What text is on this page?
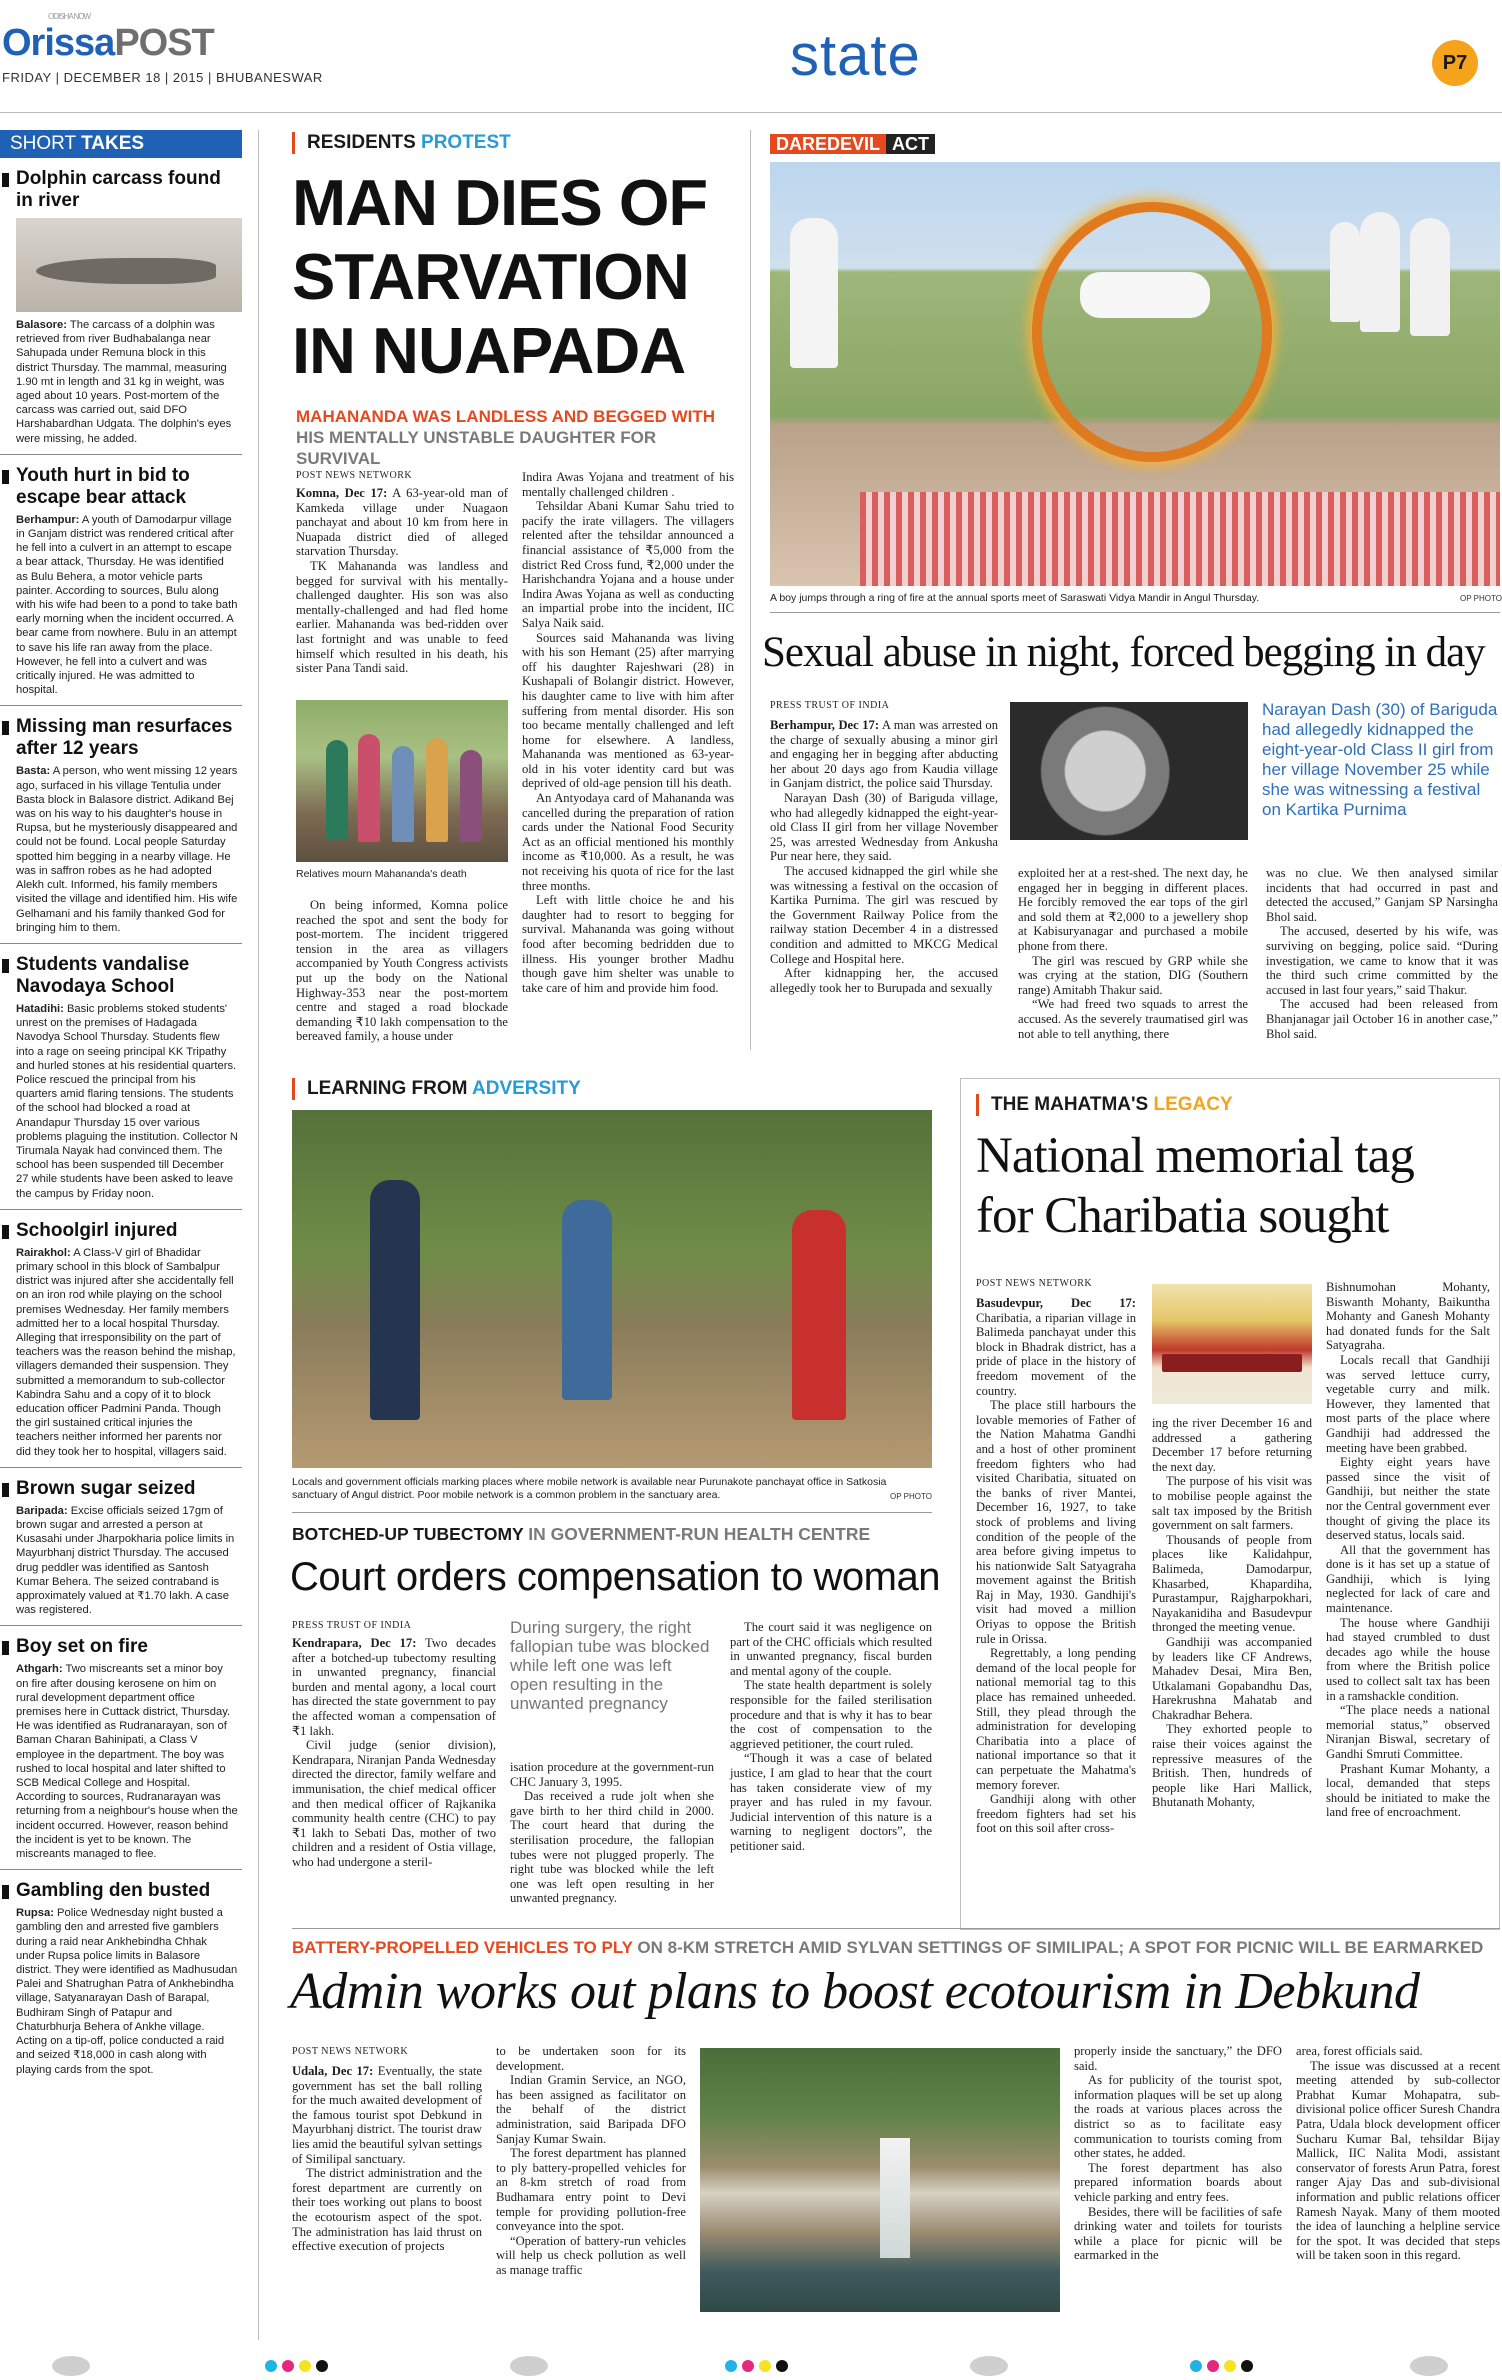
ODISHA NOW
OrissaPOST
FRIDAY | DECEMBER 18 | 2015 | BHUBANESWAR	state	P7
SHORT TAKES
Dolphin carcass found in river
Balasore: The carcass of a dolphin was retrieved from river Budhabalanga near Sahupada under Remuna block in this district Thursday. The mammal, measuring 1.90 mt in length and 31 kg in weight, was aged about 10 years. Post-mortem of the carcass was carried out, said DFO Harshabardhan Udgata. The dolphin's eyes were missing, he added.
Youth hurt in bid to escape bear attack
Berhampur: A youth of Damodarpur village in Ganjam district was rendered critical after he fell into a culvert in an attempt to escape a bear attack, Thursday. He was identified as Bulu Behera, a motor vehicle parts painter. According to sources, Bulu along with his wife had been to a pond to take bath early morning when the incident occurred. A bear came from nowhere. Bulu in an attempt to save his life ran away from the place. However, he fell into a culvert and was critically injured. He was admitted to hospital.
Missing man resurfaces after 12 years
Basta: A person, who went missing 12 years ago, surfaced in his village Tentulia under Basta block in Balasore district. Adikand Bej was on his way to his daughter's house in Rupsa, but he mysteriously disappeared and could not be found. Local people Saturday spotted him begging in a nearby village. He was in saffron robes as he had adopted Alekh cult. Informed, his family members visited the village and identified him. His wife Gelhamani and his family thanked God for bringing him to them.
Students vandalise Navodaya School
Hatadihi: Basic problems stoked students' unrest on the premises of Hadagada Navodya School Thursday. Students flew into a rage on seeing principal KK Tripathy and hurled stones at his residential quarters. Police rescued the principal from his quarters amid flaring tensions. The students of the school had blocked a road at Anandapur Thursday 15 over various problems plaguing the institution. Collector N Tirumala Nayak had convinced them. The school has been suspended till December 27 while students have been asked to leave the campus by Friday noon.
Schoolgirl injured
Rairakhol: A Class-V girl of Bhadidar primary school in this block of Sambalpur district was injured after she accidentally fell on an iron rod while playing on the school premises Wednesday. Her family members admitted her to a local hospital Thursday. Alleging that irresponsibility on the part of teachers was the reason behind the mishap, villagers demanded their suspension. They submitted a memorandum to sub-collector Kabindra Sahu and a copy of it to block education officer Padmini Panda. Though the girl sustained critical injuries the teachers neither informed her parents nor did they took her to hospital, villagers said.
Brown sugar seized
Baripada: Excise officials seized 17gm of brown sugar and arrested a person at Kusasahi under Jharpokharia police limits in Mayurbhanj district Thursday. The accused drug peddler was identified as Santosh Kumar Behera. The seized contraband is approximately valued at ₹1.70 lakh. A case was registered.
Boy set on fire
Athgarh: Two miscreants set a minor boy on fire after dousing kerosene on him on rural development department office premises here in Cuttack district, Thursday. He was identified as Rudranarayan, son of Baman Charan Bahinipati, a Class V employee in the department. The boy was rushed to local hospital and later shifted to SCB Medical College and Hospital. According to sources, Rudranarayan was returning from a neighbour's house when the incident occurred. However, reason behind the incident is yet to be known. The miscreants managed to flee.
Gambling den busted
Rupsa: Police Wednesday night busted a gambling den and arrested five gamblers during a raid near Ankhebindha Chhak under Rupsa police limits in Balasore district. They were identified as Madhusudan Palei and Shatrughan Patra of Ankhebindha village, Satyanarayan Dash of Barapal, Budhiram Singh of Patapur and Chaturbhurja Behera of Ankhe village. Acting on a tip-off, police conducted a raid and seized ₹18,000 in cash along with playing cards from the spot.
RESIDENTS PROTEST
MAN DIES OF
STARVATION
IN NUAPADA
MAHANANDA WAS LANDLESS AND BEGGED WITH
HIS MENTALLY UNSTABLE DAUGHTER FOR SURVIVAL
POST NEWS NETWORK

Komna, Dec 17: A 63-year-old man of Kamkeda village under Nuagaon panchayat and about 10 km from here in Nuapada district died of alleged starvation Thursday.

TK Mahananda was landless and begged for survival with his mentally-challenged daughter. His son was also mentally-challenged and had fled home earlier. Mahananda was bed-ridden over last fortnight and was unable to feed himself which resulted in his death, his sister Pana Tandi said.

Relatives mourn Mahananda's death

On being informed, Komna police reached the spot and sent the body for post-mortem. The incident triggered tension in the area as villagers accompanied by Youth Congress activists put up the body on the National Highway-353 near the post-mortem centre and staged a road blockade demanding ₹10 lakh compensation to the bereaved family, a house under

Indira Awas Yojana and treatment of his mentally challenged children .

Tehsildar Abani Kumar Sahu tried to pacify the irate villagers. The villagers relented after the tehsildar announced a financial assistance of ₹5,000 from the district Red Cross fund, ₹2,000 under the Harishchandra Yojana and a house under Indira Awas Yojana as well as conducting an impartial probe into the incident, IIC Salya Naik said.

Sources said Mahananda was living with his son Hemant (25) after marrying off his daughter Rajeshwari (28) in Kushapali of Bolangir district. However, his daughter came to live with him after suffering from mental disorder. His son too became mentally challenged and left home for elsewhere. A landless, Mahananda was mentioned as 63-year-old in his voter identity card but was deprived of old-age pension till his death.

An Antyodaya card of Mahananda was cancelled during the preparation of ration cards under the National Food Security Act as an official mentioned his monthly income as ₹10,000. As a result, he was not receiving his quota of rice for the last three months.

Left with little choice he and his daughter had to resort to begging for survival. Mahananda was going without food after becoming bedridden due to illness. His younger brother Madhu though gave him shelter was unable to take care of him and provide him food.

DAREDEVIL ACT
A boy jumps through a ring of fire at the annual sports meet of Saraswati Vidya Mandir in Angul Thursday.	OP PHOTO
Sexual abuse in night, forced begging in day
PRESS TRUST OF INDIA	Narayan Dash (30) of Bariguda had allegedly kidnapped the eight-year-old Class II girl from her village November 25 while she was witnessing a festival on Kartika Purnima

Berhampur, Dec 17: A man was arrested on the charge of sexually abusing a minor girl and engaging her in begging after abducting her about 20 days ago from Kaudia village in Ganjam district, the police said Thursday.

Narayan Dash (30) of Bariguda village, who had allegedly kidnapped the eight-year-old Class II girl from her village November 25, was arrested Wednesday from Ankusha Pur near here, they said.

The accused kidnapped the girl while she was witnessing a festival on the occasion of Kartika Purnima. The girl was rescued by the Government Railway Police from the railway station December 4 in a distressed condition and admitted to MKCG Medical College and Hospital here.

After kidnapping her, the accused allegedly took her to Burupada and sexually

exploited her at a rest-shed. The next day, he engaged her in begging in different places. He forcibly removed the ear tops of the girl and sold them at ₹2,000 to a jewellery shop at Kabisuryanagar and purchased a mobile phone from there.

The girl was rescued by GRP while she was crying at the station, DIG (Southern range) Amitabh Thakur said.

“We had freed two squads to arrest the accused. As the severely traumatised girl was not able to tell anything, there

was no clue. We then analysed similar incidents that had occurred in past and detected the accused,” Ganjam SP Narsingha Bhol said.

The accused, deserted by his wife, was surviving on begging, police said. “During investigation, we came to know that it was the third such crime committed by the accused in last four years,” said Thakur.

The accused had been released from Bhanjanagar jail October 16 in another case,” Bhol said.

LEARNING FROM ADVERSITY
Locals and government officials marking places where mobile network is available near Purunakote panchayat office in Satkosia sanctuary of Angul district. Poor mobile network is a common problem in the sanctuary area.	OP PHOTO
BOTCHED-UP TUBECTOMY IN GOVERNMENT-RUN HEALTH CENTRE
Court orders compensation to woman
PRESS TRUST OF INDIA

Kendrapara, Dec 17: Two decades after a botched-up tubectomy resulting in unwanted pregnancy, financial burden and mental agony, a local court has directed the state government to pay the affected woman a compensation of ₹1 lakh.

Civil judge (senior division), Kendrapara, Niranjan Panda Wednesday directed the director, family welfare and immunisation, the chief medical officer and then medical officer of Rajkanika community health centre (CHC) to pay ₹1 lakh to Sebati Das, mother of two children and a resident of Ostia village, who had undergone a steril-

During surgery, the right fallopian tube was blocked while left one was left open resulting in the unwanted pregnancy

isation procedure at the government-run CHC January 3, 1995.

Das received a rude jolt when she gave birth to her third child in 2000. The court heard that during the sterilisation procedure, the fallopian tubes were not plugged properly. The right tube was blocked while the left one was left open resulting in her unwanted pregnancy.

The court said it was negligence on part of the CHC officials which resulted in unwanted pregnancy, fiscal burden and mental agony of the couple.

The state health department is solely responsible for the failed sterilisation procedure and that is why it has to bear the cost of compensation to the aggrieved petitioner, the court ruled.

“Though it was a case of belated justice, I am glad to hear that the court has taken considerate view of my prayer and has ruled in my favour. Judicial intervention of this nature is a warning to negligent doctors”, the petitioner said.

THE MAHATMA'S LEGACY
National memorial tag
for Charibatia sought
POST NEWS NETWORK

Basudevpur, Dec 17: Charibatia, a riparian village in Balimeda panchayat under this block in Bhadrak district, has a pride of place in the history of freedom movement of the country.

The place still harbours the lovable memories of Father of the Nation Mahatma Gandhi and a host of other prominent freedom fighters who had visited Charibatia, situated on the banks of river Mantei, December 16, 1927, to take stock of problems and living condition of the people of the area before giving impetus to his nationwide Salt Satyagraha movement against the British Raj in May, 1930. Gandhiji's visit had moved a million Oriyas to oppose the British rule in Orissa.

Regrettably, a long pending demand of the local people for national memorial tag to this place has remained unheeded. Still, they plead through the administration for developing Charibatia into a place of national importance so that it can perpetuate the Mahatma's memory forever.

Gandhiji along with other freedom fighters had set his foot on this soil after cross-

ing the river December 16 and addressed a gathering December 17 before returning the next day.

The purpose of his visit was to mobilise people against the salt tax imposed by the British government on salt farmers.

Thousands of people from places like Kalidahpur, Balimeda, Damodarpur, Khasarbed, Khapardiha, Purastampur, Rajgharpokhari, Nayakanidiha and Basudevpur thronged the meeting venue.

Gandhiji was accompanied by leaders like CF Andrews, Mahadev Desai, Mira Ben, Utkalamani Gopabandhu Das, Harekrushna Mahatab and Chakradhar Behera.

They exhorted people to raise their voices against the repressive measures of the British. Then, hundreds of people like Hari Mallick, Bhutanath Mohanty,

Bishnumohan Mohanty, Biswanth Mohanty, Baikuntha Mohanty and Ganesh Mohanty had donated funds for the Salt Satyagraha.

Locals recall that Gandhiji was served lettuce curry, vegetable curry and milk. However, they lamented that most parts of the place where Gandhiji had addressed the meeting have been grabbed.

Eighty eight years have passed since the visit of Gandhiji, but neither the state nor the Central government ever thought of giving the place its deserved status, locals said.

All that the government has done is it has set up a statue of Gandhiji, which is lying neglected for lack of care and maintenance.

The house where Gandhiji had stayed crumbled to dust decades ago while the house from where the British police used to collect salt tax has been in a ramshackle condition.

“The place needs a national memorial status,” observed Niranjan Biswal, secretary of Gandhi Smruti Committee.

Prashant Kumar Mohanty, a local, demanded that steps should be initiated to make the land free of encroachment.

BATTERY-PROPELLED VEHICLES TO PLY ON 8-KM STRETCH AMID SYLVAN SETTINGS OF SIMILIPAL; A SPOT FOR PICNIC WILL BE EARMARKED
Admin works out plans to boost ecotourism in Debkund
POST NEWS NETWORK

Udala, Dec 17: Eventually, the state government has set the ball rolling for the much awaited development of the famous tourist spot Debkund in Mayurbhanj district. The tourist draw lies amid the beautiful sylvan settings of Similipal sanctuary.

The district administration and the forest department are currently on their toes working out plans to boost the ecotourism aspect of the spot. The administration has laid thrust on effective execution of projects

to be undertaken soon for its development.

Indian Gramin Service, an NGO, has been assigned as facilitator on the behalf of the district administration, said Baripada DFO Sanjay Kumar Swain.

The forest department has planned to ply battery-propelled vehicles for an 8-km stretch of road from Budhamara entry point to Devi temple for providing pollution-free conveyance into the spot.

“Operation of battery-run vehicles will help us check pollution as well as manage traffic

properly inside the sanctuary,” the DFO said.

As for publicity of the tourist spot, information plaques will be set up along the roads at various places across the district so as to facilitate easy communication to tourists coming from other states, he added.

The forest department has also prepared information boards about vehicle parking and entry fees.

Besides, there will be facilities of safe drinking water and toilets for tourists while a place for picnic will be earmarked in the

area, forest officials said.

The issue was discussed at a recent meeting attended by sub-collector Prabhat Kumar Mohapatra, sub-divisional police officer Suresh Chandra Patra, Udala block development officer Sucharu Kumar Bal, tehsildar Bijay Mallick, IIC Nalita Modi, assistant conservator of forests Arun Patra, forest ranger Ajay Das and sub-divisional information and public relations officer Ramesh Nayak. Many of them mooted the idea of launching a helpline service for the spot. It was decided that steps will be taken soon in this regard.
